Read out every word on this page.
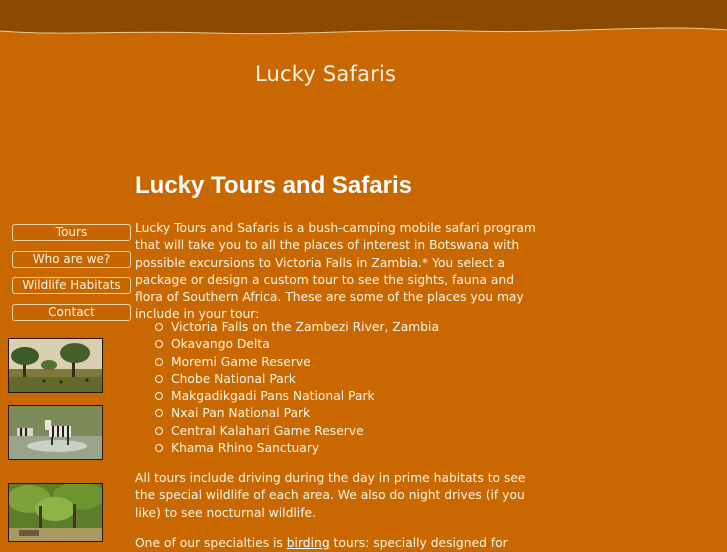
Lucky Safaris
Tours
Who are we?
Wildlife Habitats
Contact
Lucky Tours and Safaris

Lucky Tours and Safaris is a bush-camping mobile safari program that will take you to all the places of interest in Botswana with possible excursions to Victoria Falls in Zambia.* You select a package or design a custom tour to see the sights, fauna and flora of Southern Africa. These are some of the places you may include in your tour:

Victoria Falls on the Zambezi River, Zambia
Okavango Delta
Moremi Game Reserve
Chobe National Park
Makgadikgadi Pans National Park
Nxai Pan National Park
Central Kalahari Game Reserve
Khama Rhino Sanctuary

All tours include driving during the day in prime habitats to see the special wildlife of each area. We also do night drives (if you like) to see nocturnal wildlife.

One of our specialties is birding tours: specially designed for
